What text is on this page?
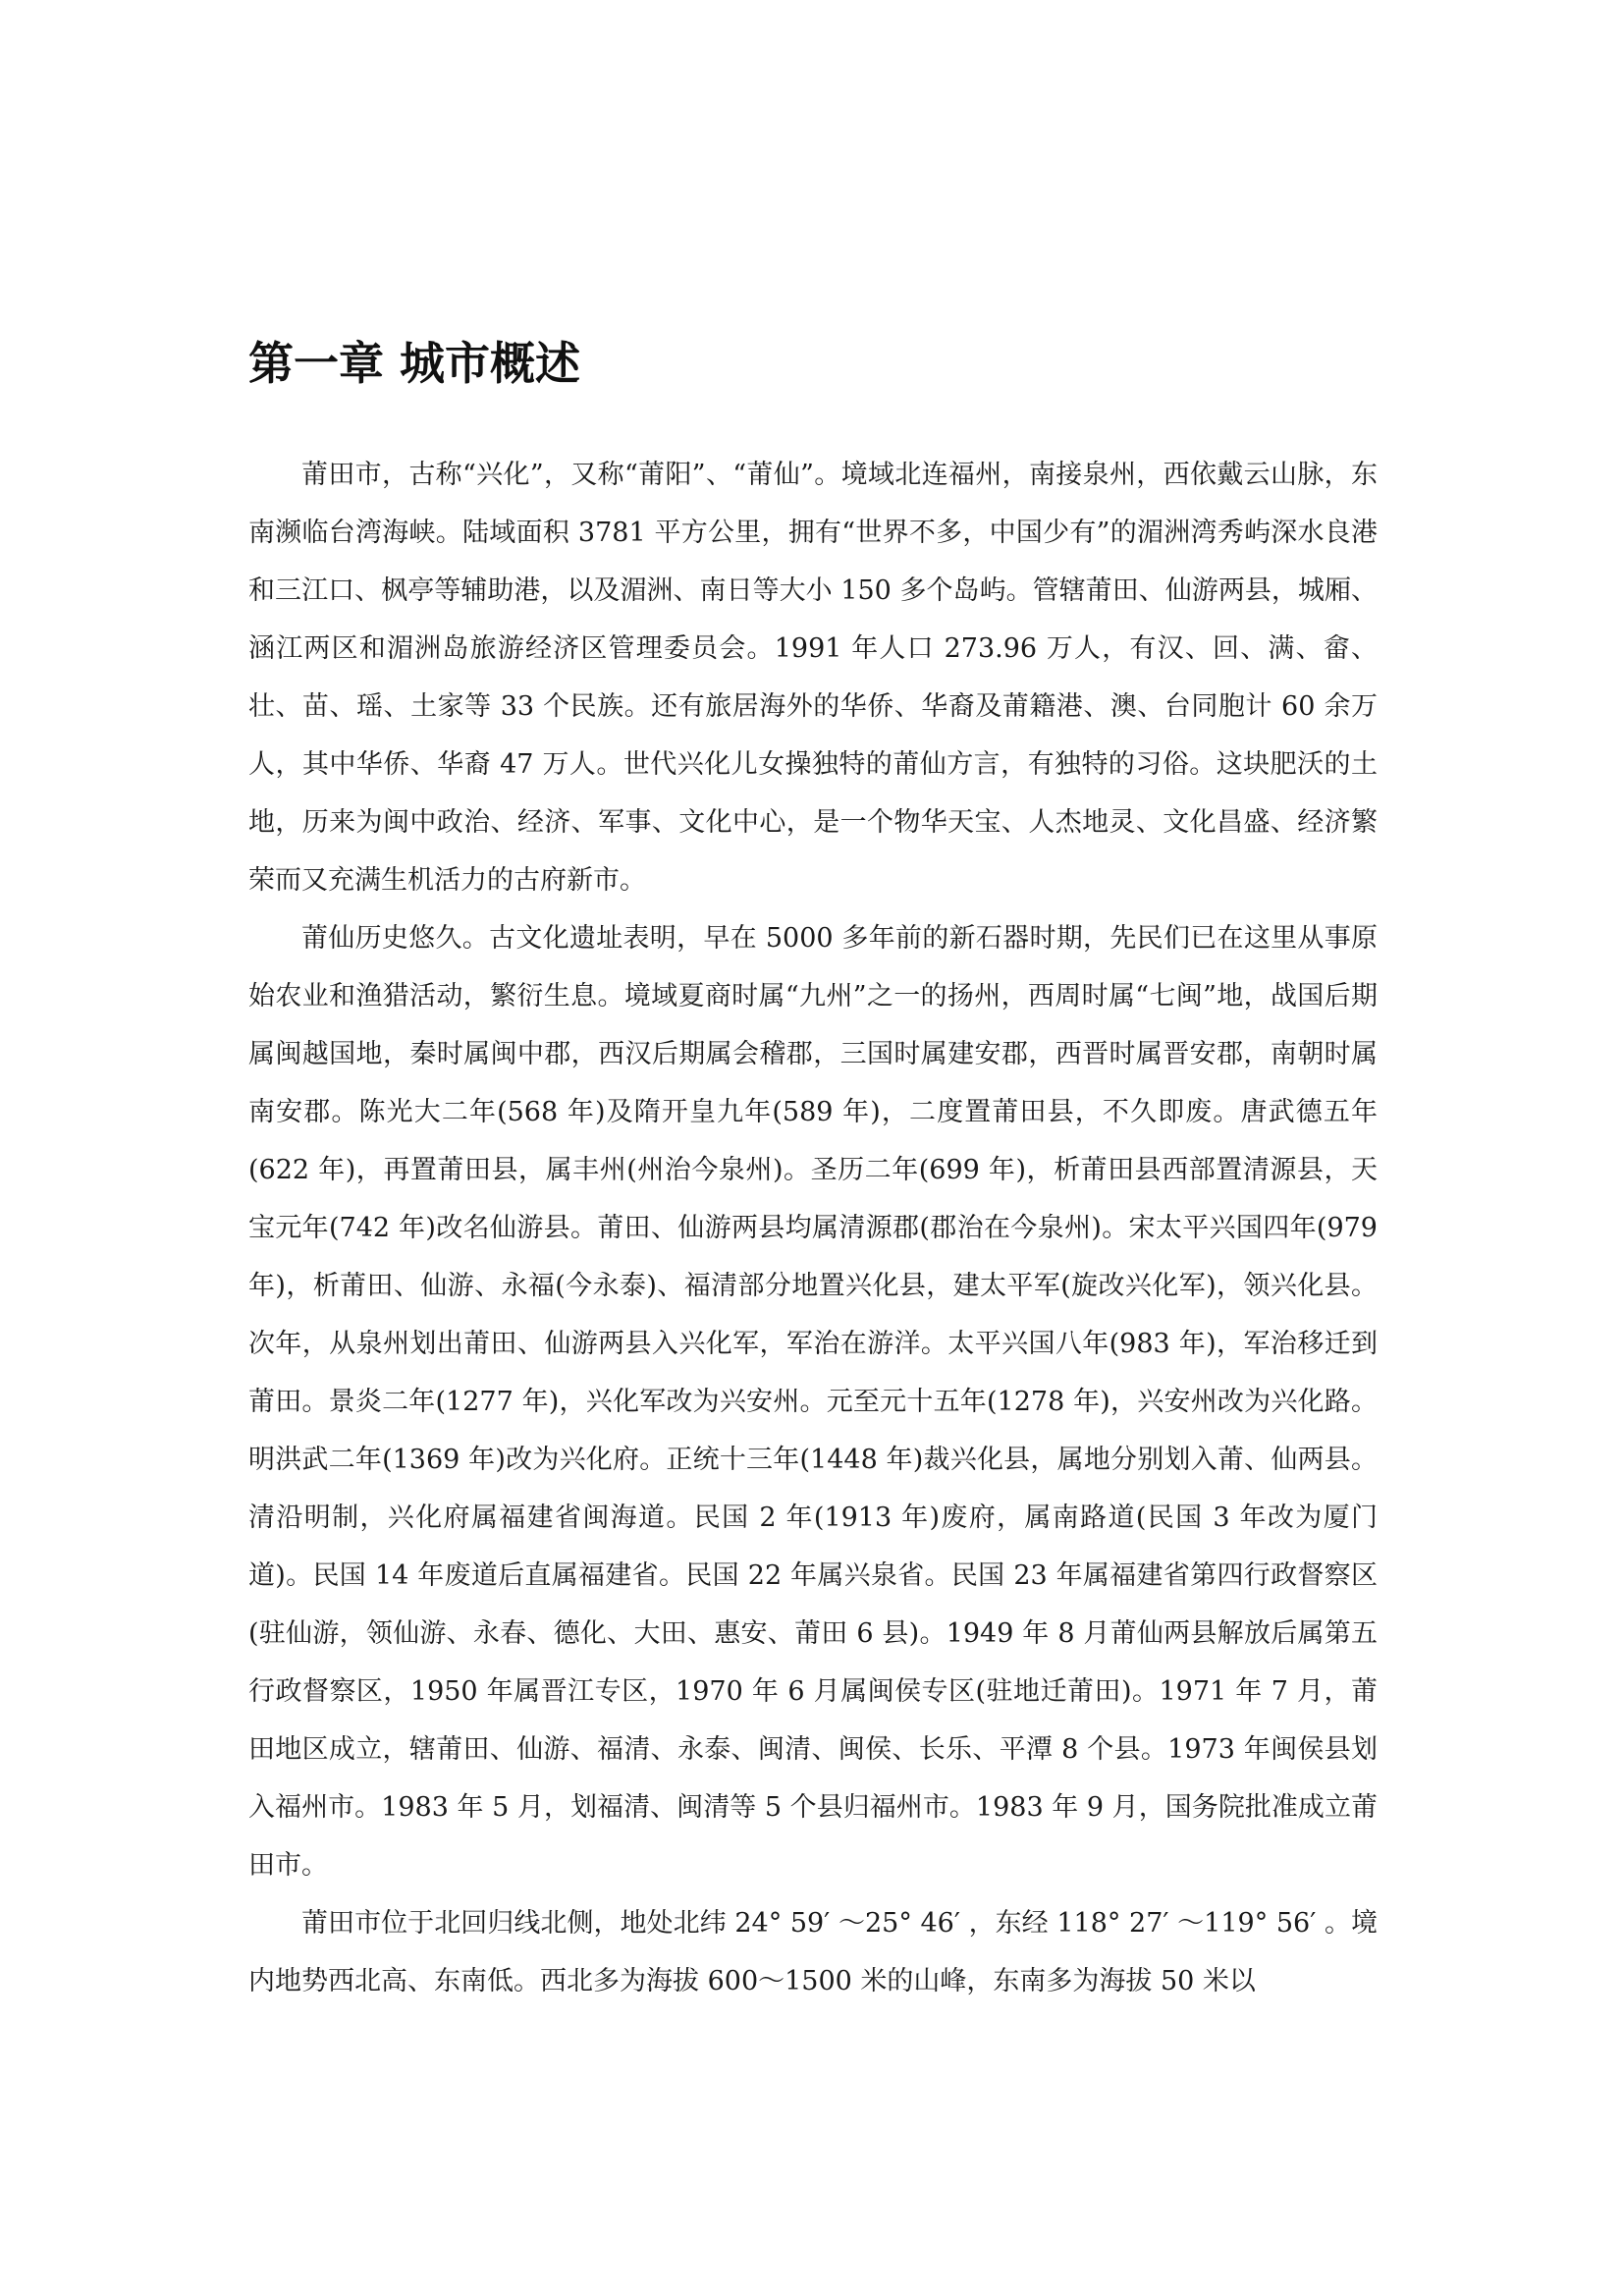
第一章 城市概述

莆田市，古称“兴化”，又称“莆阳”、“莆仙”。境域北连福州，南接泉州，西依戴云山脉，东南濒临台湾海峡。陆域面积 3781 平方公里，拥有“世界不多，中国少有”的湄洲湾秀屿深水良港和三江口、枫亭等辅助港，以及湄洲、南日等大小 150 多个岛屿。管辖莆田、仙游两县，城厢、涵江两区和湄洲岛旅游经济区管理委员会。1991 年人口 273.96 万人，有汉、回、满、畲、壮、苗、瑶、土家等 33 个民族。还有旅居海外的华侨、华裔及莆籍港、澳、台同胞计 60 余万人，其中华侨、华裔 47 万人。世代兴化儿女操独特的莆仙方言，有独特的习俗。这块肥沃的土地，历来为闽中政治、经济、军事、文化中心，是一个物华天宝、人杰地灵、文化昌盛、经济繁荣而又充满生机活力的古府新市。

莆仙历史悠久。古文化遗址表明，早在 5000 多年前的新石器时期，先民们已在这里从事原始农业和渔猎活动，繁衍生息。境域夏商时属“九州”之一的扬州，西周时属“七闽”地，战国后期属闽越国地，秦时属闽中郡，西汉后期属会稽郡，三国时属建安郡，西晋时属晋安郡，南朝时属南安郡。陈光大二年(568 年)及隋开皇九年(589 年)，二度置莆田县，不久即废。唐武德五年(622 年)，再置莆田县，属丰州(州治今泉州)。圣历二年(699 年)，析莆田县西部置清源县，天宝元年(742 年)改名仙游县。莆田、仙游两县均属清源郡(郡治在今泉州)。宋太平兴国四年(979 年)，析莆田、仙游、永福(今永泰)、福清部分地置兴化县，建太平军(旋改兴化军)，领兴化县。次年，从泉州划出莆田、仙游两县入兴化军，军治在游洋。太平兴国八年(983 年)，军治移迁到莆田。景炎二年(1277 年)，兴化军改为兴安州。元至元十五年(1278 年)，兴安州改为兴化路。明洪武二年(1369 年)改为兴化府。正统十三年(1448 年)裁兴化县，属地分别划入莆、仙两县。清沿明制，兴化府属福建省闽海道。民国 2 年(1913 年)废府，属南路道(民国 3 年改为厦门道)。民国 14 年废道后直属福建省。民国 22 年属兴泉省。民国 23 年属福建省第四行政督察区(驻仙游，领仙游、永春、德化、大田、惠安、莆田 6 县)。1949 年 8 月莆仙两县解放后属第五行政督察区，1950 年属晋江专区，1970 年 6 月属闽侯专区(驻地迁莆田)。1971 年 7 月，莆田地区成立，辖莆田、仙游、福清、永泰、闽清、闽侯、长乐、平潭 8 个县。1973 年闽侯县划入福州市。1983 年 5 月，划福清、闽清等 5 个县归福州市。1983 年 9 月，国务院批准成立莆田市。

莆田市位于北回归线北侧，地处北纬 24° 59′ ～25° 46′ ，东经 118° 27′ ～119° 56′ 。境内地势西北高、东南低。西北多为海拔 600～1500 米的山峰，东南多为海拔 50 米以
